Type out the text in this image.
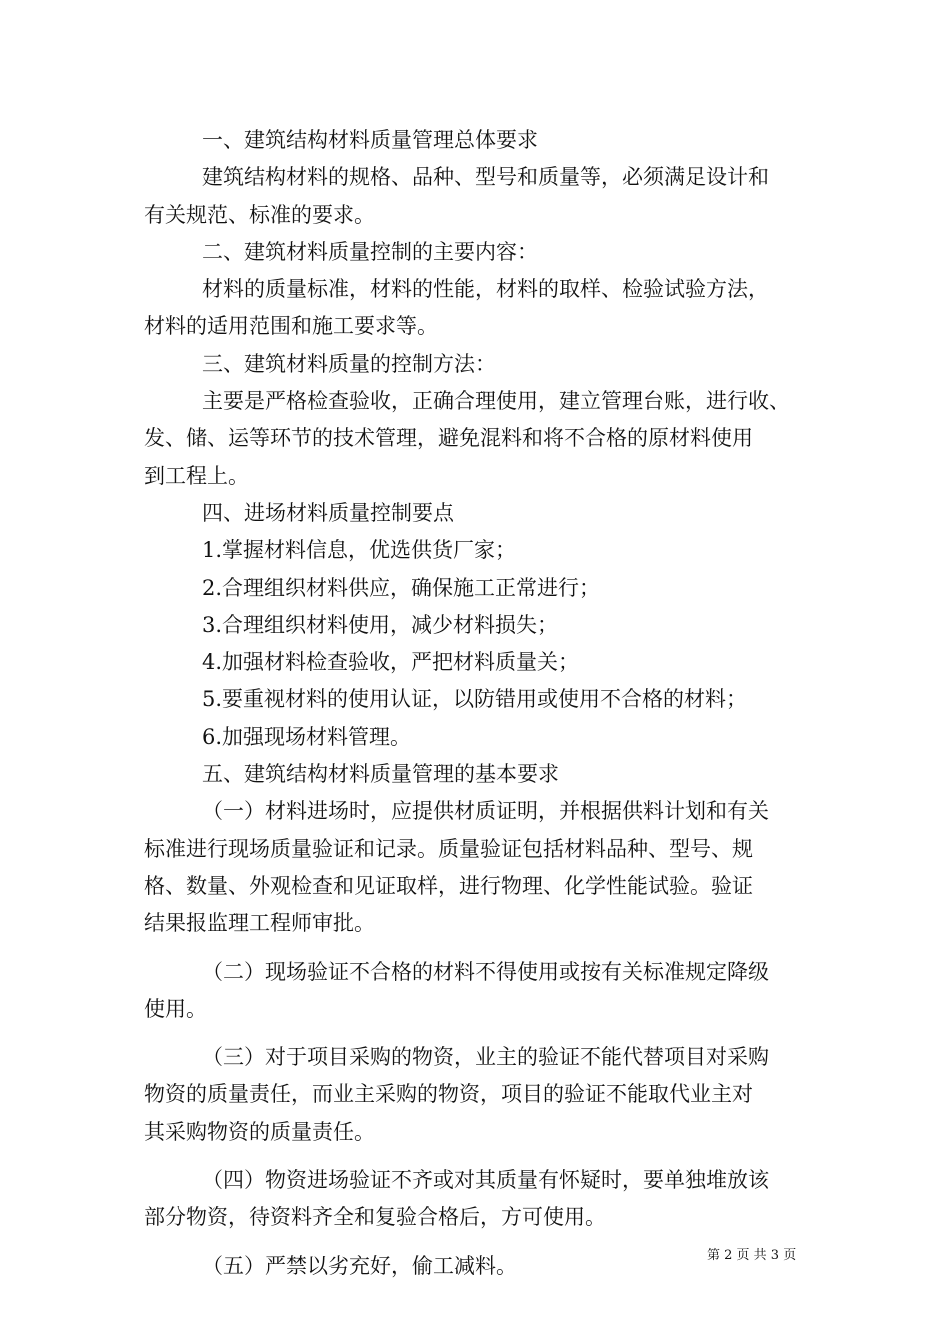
一、建筑结构材料质量管理总体要求

建筑结构材料的规格、品种、型号和质量等，必须满足设计和

有关规范、标准的要求。

二、建筑材料质量控制的主要内容：

材料的质量标准，材料的性能，材料的取样、检验试验方法，

材料的适用范围和施工要求等。

三、建筑材料质量的控制方法：

主要是严格检查验收，正确合理使用，建立管理台账，进行收、

发、储、运等环节的技术管理，避免混料和将不合格的原材料使用

到工程上。

四、进场材料质量控制要点

1.掌握材料信息，优选供货厂家；

2.合理组织材料供应，确保施工正常进行；

3.合理组织材料使用，减少材料损失；

4.加强材料检查验收，严把材料质量关；

5.要重视材料的使用认证，以防错用或使用不合格的材料；

6.加强现场材料管理。

五、建筑结构材料质量管理的基本要求

（一）材料进场时，应提供材质证明，并根据供料计划和有关

标准进行现场质量验证和记录。质量验证包括材料品种、型号、规

格、数量、外观检查和见证取样，进行物理、化学性能试验。验证

结果报监理工程师审批。

（二）现场验证不合格的材料不得使用或按有关标准规定降级

使用。

（三）对于项目采购的物资，业主的验证不能代替项目对采购

物资的质量责任，而业主采购的物资，项目的验证不能取代业主对

其采购物资的质量责任。

（四）物资进场验证不齐或对其质量有怀疑时，要单独堆放该

部分物资，待资料齐全和复验合格后，方可使用。

（五）严禁以劣充好，偷工减料。	第 2 页 共 3 页
